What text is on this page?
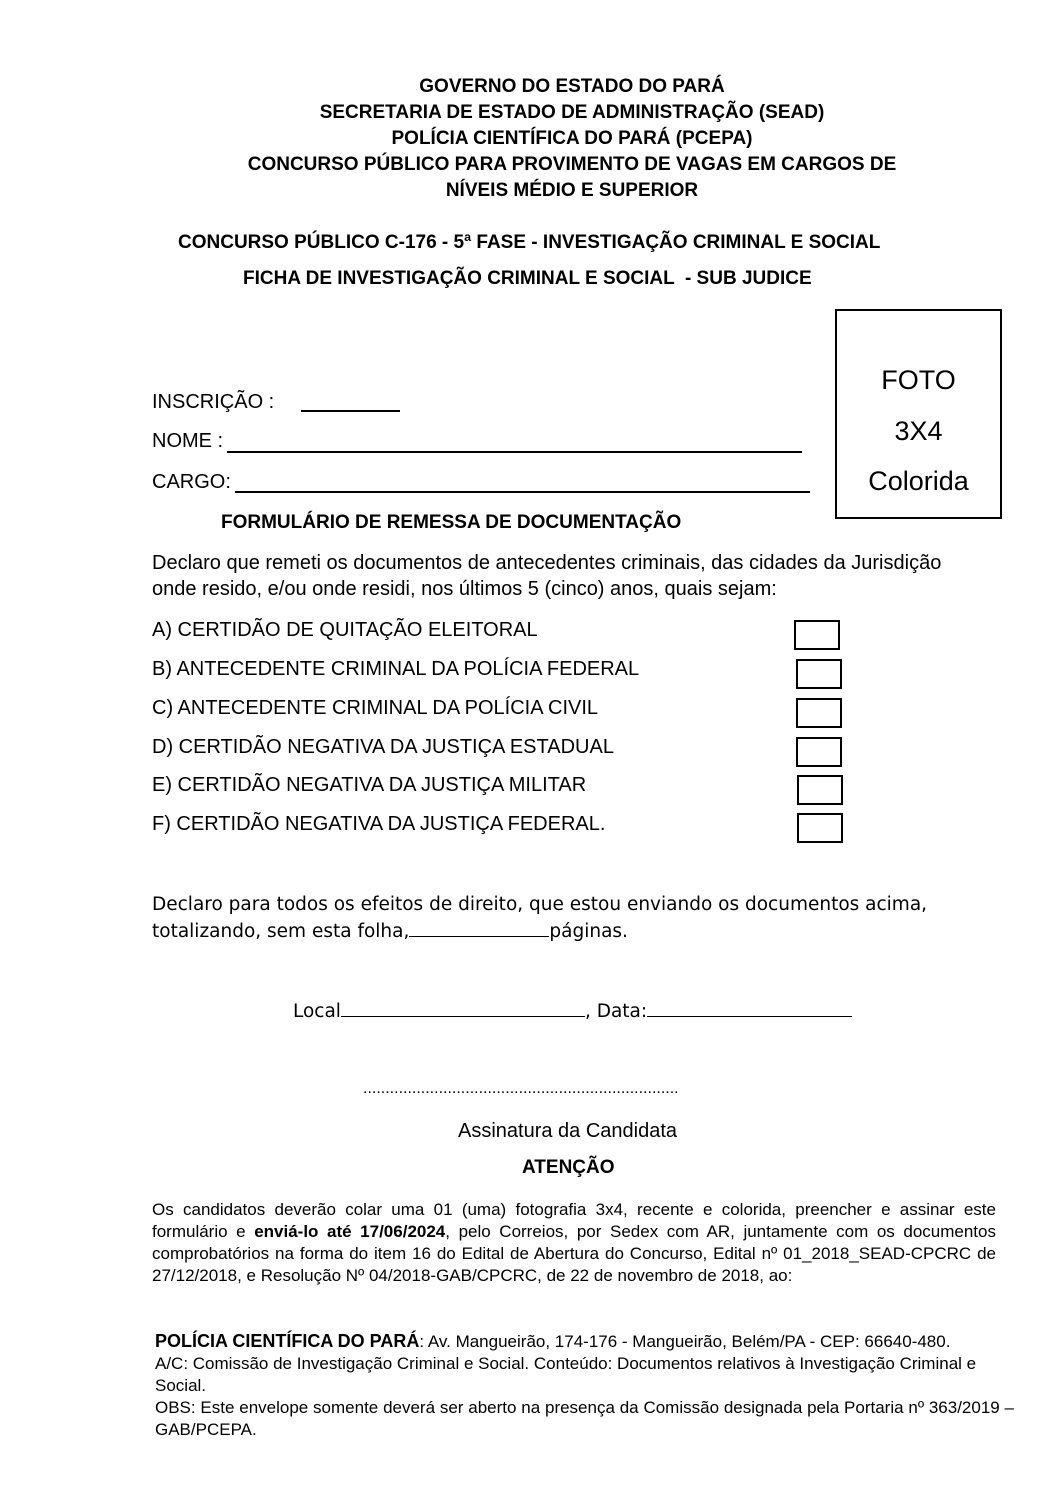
GOVERNO DO ESTADO DO PARÁ
SECRETARIA DE ESTADO DE ADMINISTRAÇÃO (SEAD)
POLÍCIA CIENTÍFICA DO PARÁ (PCEPA)
CONCURSO PÚBLICO PARA PROVIMENTO DE VAGAS EM CARGOS DE
NÍVEIS MÉDIO E SUPERIOR
CONCURSO PÚBLICO C-176 - 5ª FASE - INVESTIGAÇÃO CRIMINAL E SOCIAL
FICHA DE INVESTIGAÇÃO CRIMINAL E SOCIAL  - SUB JUDICE
FOTO
3X4
Colorida
INSCRIÇÃO :
NOME :
CARGO:
FORMULÁRIO DE REMESSA DE DOCUMENTAÇÃO
Declaro que remeti os documentos de antecedentes criminais, das cidades da Jurisdição
onde resido, e/ou onde residi, nos últimos 5 (cinco) anos, quais sejam:
A) CERTIDÃO DE QUITAÇÃO ELEITORAL
B) ANTECEDENTE CRIMINAL DA POLÍCIA FEDERAL
C) ANTECEDENTE CRIMINAL DA POLÍCIA CIVIL
D) CERTIDÃO NEGATIVA DA JUSTIÇA ESTADUAL
E) CERTIDÃO NEGATIVA DA JUSTIÇA MILITAR
F) CERTIDÃO NEGATIVA DA JUSTIÇA FEDERAL.
Declaro para todos os efeitos de direito, que estou enviando os documentos acima,
totalizando, sem esta folha,	páginas.
Local	, Data:
.......................................................................
Assinatura da Candidata
ATENÇÃO
Os candidatos deverão colar uma 01 (uma) fotografia 3x4, recente e colorida, preencher e assinar este formulário e enviá-lo até 17/06/2024, pelo Correios, por Sedex com AR, juntamente com os documentos comprobatórios na forma do item 16 do Edital de Abertura do Concurso, Edital nº 01_2018_SEAD-CPCRC de 27/12/2018, e Resolução Nº 04/2018-GAB/CPCRC, de 22 de novembro de 2018, ao:
POLÍCIA CIENTÍFICA DO PARÁ: Av. Mangueirão, 174-176 - Mangueirão, Belém/PA - CEP: 66640-480.
A/C: Comissão de Investigação Criminal e Social. Conteúdo: Documentos relativos à Investigação Criminal e Social.
OBS: Este envelope somente deverá ser aberto na presença da Comissão designada pela Portaria nº 363/2019 – GAB/PCEPA.
